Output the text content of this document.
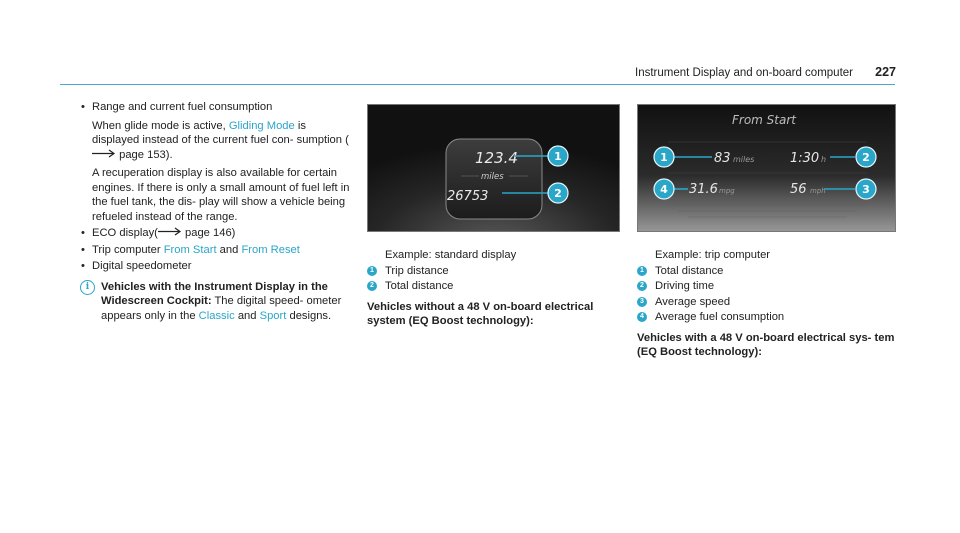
Instrument Display and on-board computer 227
• Range and current fuel consumption
When glide mode is active, Gliding Mode is displayed instead of the current fuel con- sumption ( page 153).
A recuperation display is also available for certain engines. If there is only a small amount of fuel left in the fuel tank, the dis- play will show a vehicle being refueled instead of the range.
• ECO display( page 146)
• Trip computer From Start and From Reset
• Digital speedometer
i	Vehicles with the Instrument Display in the Widescreen Cockpit: The digital speed- ometer appears only in the Classic and Sport designs.
123.4
miles
26753
1
2
From Start
83 miles	1:30 h
31.6 mpg	56 mph
1	2
3
4
Example: standard display
1 Trip distance
2 Total distance
Vehicles without a 48 V on-board electrical system (EQ Boost technology):
Example: trip computer
1 Total distance
2 Driving time
3 Average speed
4 Average fuel consumption
Vehicles with a 48 V on-board electrical sys- tem (EQ Boost technology):
